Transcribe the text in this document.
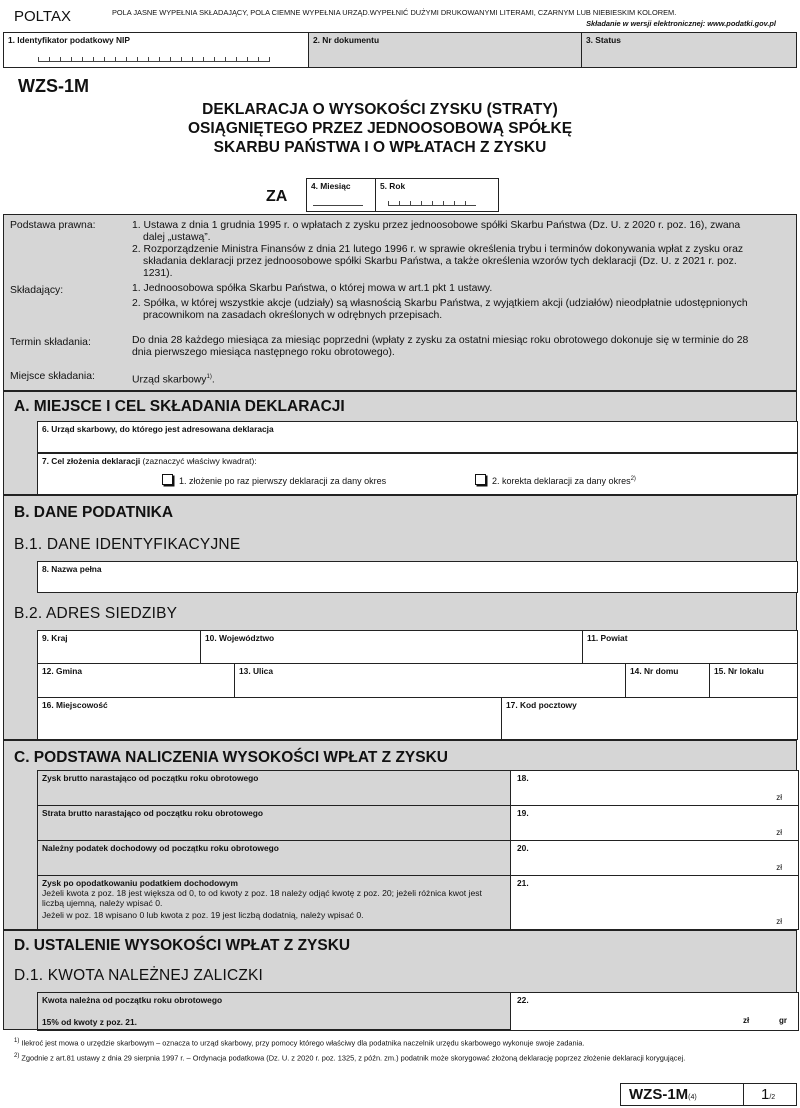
POLTAX	POLA JASNE WYPEŁNIA SKŁADAJĄCY, POLA CIEMNE WYPEŁNIA URZĄD.WYPEŁNIĆ DUŻYMI DRUKOWANYMI LITERAMI, CZARNYM LUB NIEBIESKIM KOLOREM.
Składanie w wersji elektronicznej: www.podatki.gov.pl
1. Identyfikator podatkowy NIP	2. Nr dokumentu	3. Status
WZS-1M
DEKLARACJA O WYSOKOŚCI ZYSKU (STRATY)
OSIĄGNIĘTEGO PRZEZ JEDNOOSOBOWĄ SPÓŁKĘ
SKARBU PAŃSTWA I O WPŁATACH Z ZYSKU
ZA
4. Miesiąc	5. Rok
Podstawa prawna:	1. Ustawa z dnia 1 grudnia 1995 r. o wpłatach z zysku przez jednoosobowe spółki Skarbu Państwa (Dz. U. z 2020 r. poz. 16), zwana dalej „ustawą”.
2. Rozporządzenie Ministra Finansów z dnia 21 lutego 1996 r. w sprawie określenia trybu i terminów dokonywania wpłat z zysku oraz składania deklaracji przez jednoosobowe spółki Skarbu Państwa, a także określenia wzorów tych deklaracji (Dz. U. z 2021 r. poz. 1231).
Składający:	1. Jednoosobowa spółka Skarbu Państwa, o której mowa w art.1 pkt 1 ustawy.
2. Spółka, w której wszystkie akcje (udziały) są własnością Skarbu Państwa, z wyjątkiem akcji (udziałów) nieodpłatnie udostępnionych pracownikom na zasadach określonych w odrębnych przepisach.
Termin składania:	Do dnia 28 każdego miesiąca za miesiąc poprzedni (wpłaty z zysku za ostatni miesiąc roku obrotowego dokonuje się w terminie do 28 dnia pierwszego miesiąca następnego roku obrotowego).
Miejsce składania:	Urząd skarbowy$^{1)}$.
A. MIEJSCE I CEL SKŁADANIA DEKLARACJI
6. Urząd skarbowy, do którego jest adresowana deklaracja
7. Cel złożenia deklaracji (zaznaczyć właściwy kwadrat):
1. złożenie po raz pierwszy deklaracji za dany okres	2. korekta deklaracji za dany okres$^{2)}$
B. DANE PODATNIKA
B.1. DANE IDENTYFIKACYJNE
8. Nazwa pełna
B.2. ADRES SIEDZIBY
9. Kraj	10. Województwo	11. Powiat
12. Gmina	13. Ulica	14. Nr domu	15. Nr lokalu
16. Miejscowość	17. Kod pocztowy
C. PODSTAWA NALICZENIA WYSOKOŚCI WPŁAT Z ZYSKU
Zysk brutto narastająco od początku roku obrotowego	18.
zł
Strata brutto narastająco od początku roku obrotowego	19.
zł
Należny podatek dochodowy od początku roku obrotowego	20.
zł
Zysk po opodatkowaniu podatkiem dochodowym
Jeżeli kwota z poz. 18 jest większa od 0, to od kwoty z poz. 18 należy odjąć kwotę z poz. 20; jeżeli różnica kwot jest liczbą ujemną, należy wpisać 0.
Jeżeli w poz. 18 wpisano 0 lub kwota z poz. 19 jest liczbą dodatnią, należy wpisać 0.
21.
zł
D. USTALENIE WYSOKOŚCI WPŁAT Z ZYSKU
D.1. KWOTA NALEŻNEJ ZALICZKI
Kwota należna od początku roku obrotowego
15% od kwoty z poz. 21.
22.
zł	gr
$^{1)}$ Ilekroć jest mowa o urzędzie skarbowym – oznacza to urząd skarbowy, przy pomocy którego właściwy dla podatnika naczelnik urzędu skarbowego wykonuje swoje zadania.
$^{2)}$ Zgodnie z art.81 ustawy z dnia 29 sierpnia 1997 r. – Ordynacja podatkowa (Dz. U. z 2020 r. poz. 1325, z późn. zm.) podatnik może skorygować złożoną deklarację poprzez złożenie deklaracji korygującej.
WZS-1M(4)	1/2
